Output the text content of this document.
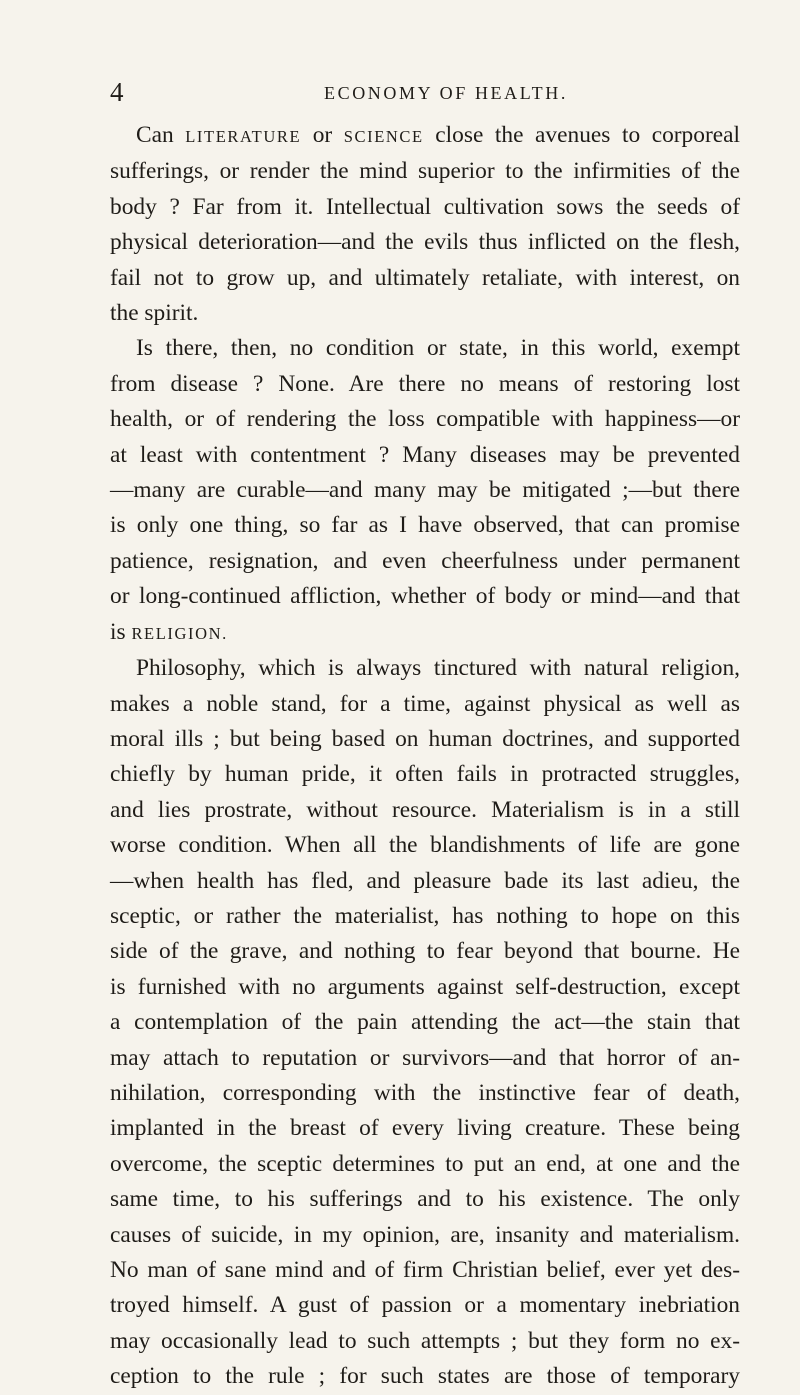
4	ECONOMY OF HEALTH.
Can LITERATURE or SCIENCE close the avenues to corporeal
sufferings, or render the mind superior to the infirmities of the
body ? Far from it. Intellectual cultivation sows the seeds of
physical deterioration—and the evils thus inflicted on the flesh,
fail not to grow up, and ultimately retaliate, with interest, on
the spirit.
Is there, then, no condition or state, in this world, exempt
from disease ? None. Are there no means of restoring lost
health, or of rendering the loss compatible with happiness—or
at least with contentment ? Many diseases may be prevented
—many are curable—and many may be mitigated ;—but there
is only one thing, so far as I have observed, that can promise
patience, resignation, and even cheerfulness under permanent
or long-continued affliction, whether of body or mind—and that
is RELIGION.
Philosophy, which is always tinctured with natural religion,
makes a noble stand, for a time, against physical as well as
moral ills ; but being based on human doctrines, and supported
chiefly by human pride, it often fails in protracted struggles,
and lies prostrate, without resource. Materialism is in a still
worse condition. When all the blandishments of life are gone
—when health has fled, and pleasure bade its last adieu, the
sceptic, or rather the materialist, has nothing to hope on this
side of the grave, and nothing to fear beyond that bourne. He
is furnished with no arguments against self-destruction, except
a contemplation of the pain attending the act—the stain that
may attach to reputation or survivors—and that horror of an-
nihilation, corresponding with the instinctive fear of death,
implanted in the breast of every living creature. These being
overcome, the sceptic determines to put an end, at one and the
same time, to his sufferings and to his existence. The only
causes of suicide, in my opinion, are, insanity and materialism.
No man of sane mind and of firm Christian belief, ever yet des-
troyed himself. A gust of passion or a momentary inebriation
may occasionally lead to such attempts ; but they form no ex-
ception to the rule ; for such states are those of temporary
